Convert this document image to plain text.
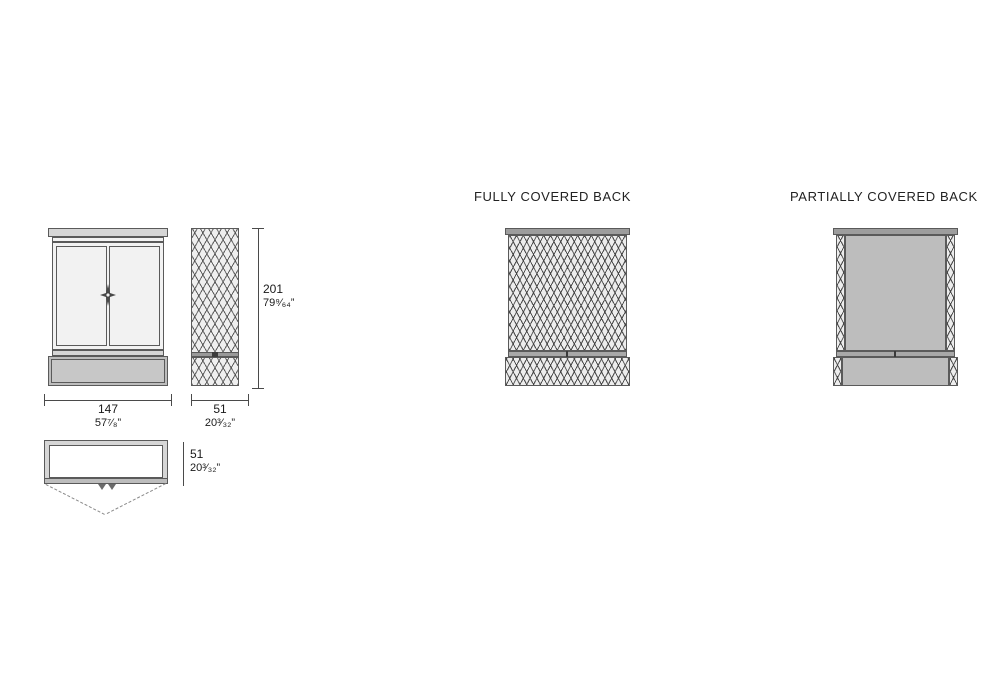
147
57⁷⁄₈”
51
20³⁄₃₂”
201
79⁹⁄₆₄”
51
20³⁄₃₂”
FULLY COVERED BACK	PARTIALLY COVERED BACK
